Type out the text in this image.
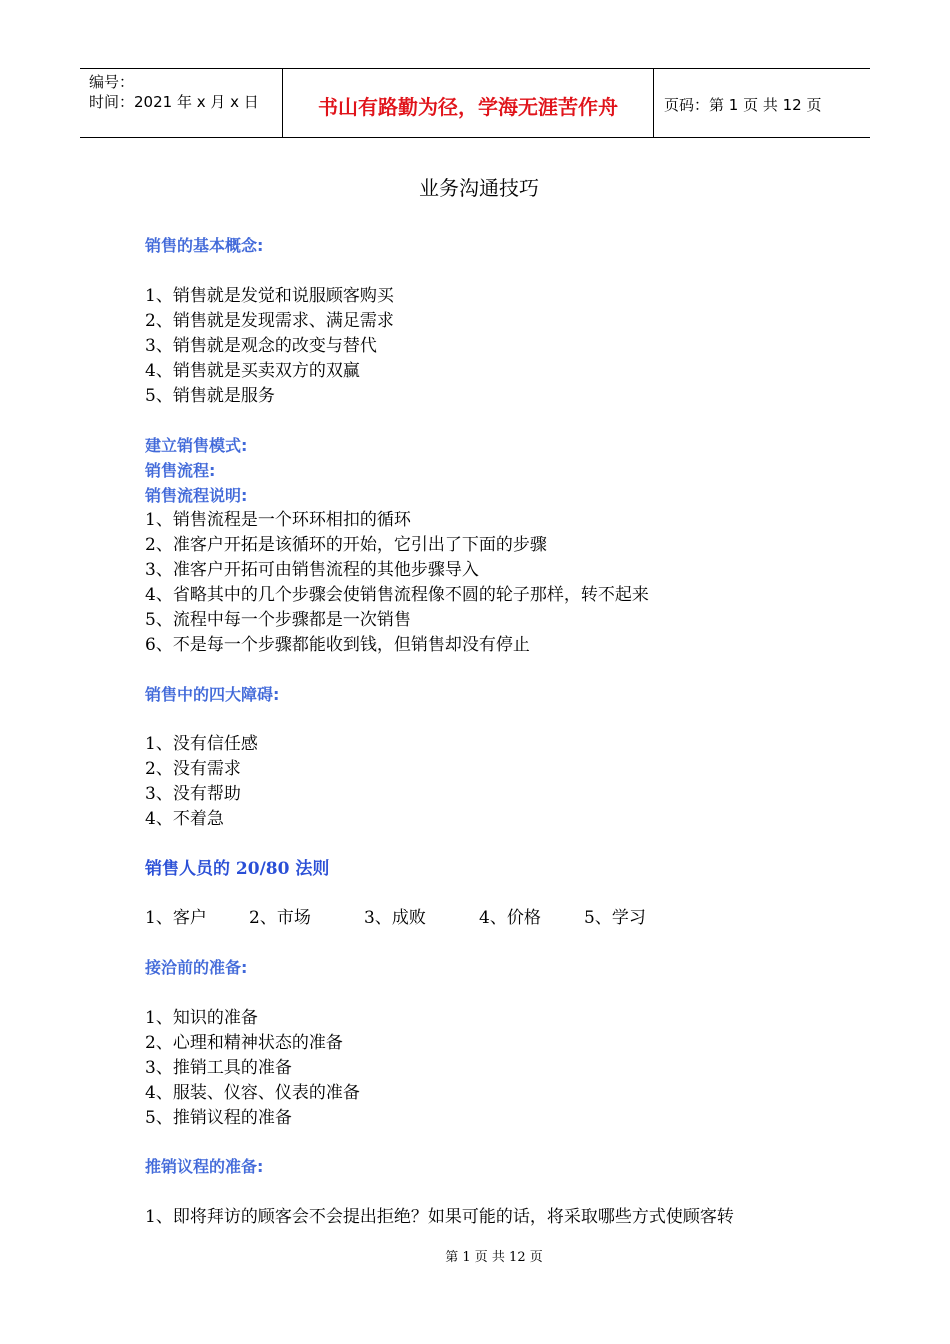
编号：
时间：2021 年 x 月 x 日	书山有路勤为径，学海无涯苦作舟	页码：第 1 页 共 12 页
业务沟通技巧
销售的基本概念:
1、销售就是发觉和说服顾客购买
2、销售就是发现需求、满足需求
3、销售就是观念的改变与替代
4、销售就是买卖双方的双赢
5、销售就是服务
建立销售模式:
销售流程:
销售流程说明:
1、销售流程是一个环环相扣的循环
2、准客户开拓是该循环的开始，它引出了下面的步骤
3、准客户开拓可由销售流程的其他步骤导入
4、省略其中的几个步骤会使销售流程像不圆的轮子那样，转不起来
5、流程中每一个步骤都是一次销售
6、不是每一个步骤都能收到钱，但销售却没有停止
销售中的四大障碍:
1、没有信任感
2、没有需求
3、没有帮助
4、不着急
销售人员的 20/80 法则
1、客户 2、市场	3、成败	4、价格	5、学习
接洽前的准备:
1、知识的准备
2、心理和精神状态的准备
3、推销工具的准备
4、服装、仪容、仪表的准备
5、推销议程的准备
推销议程的准备:
1、即将拜访的顾客会不会提出拒绝？如果可能的话，将采取哪些方式使顾客转
第 1 页 共 12 页
